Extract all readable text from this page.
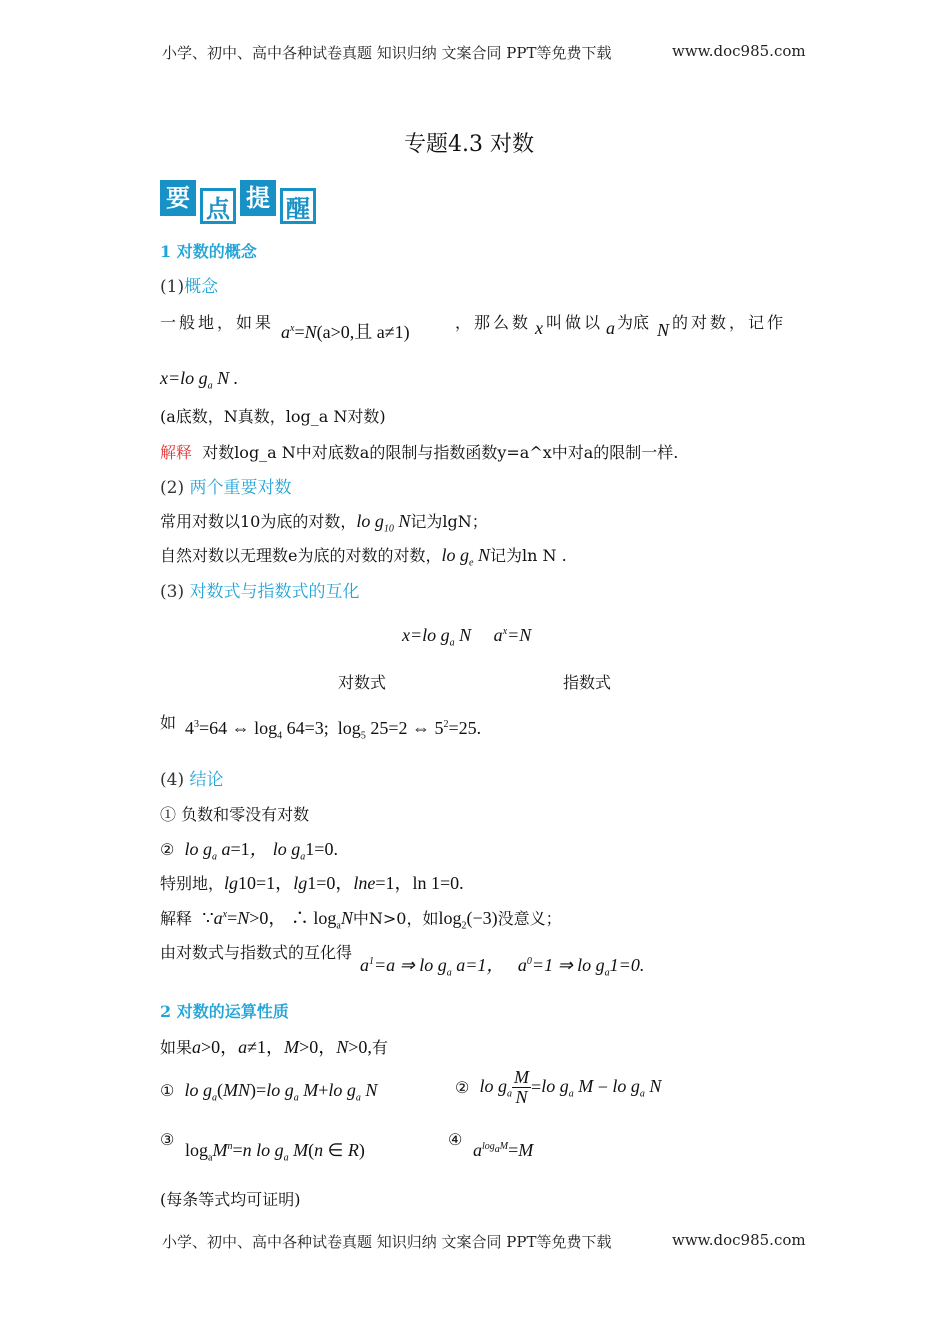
小学、初中、高中各种试卷真题 知识归纳 文案合同 PPT等免费下载	www.doc985.com
专题4.3 对数
要 点 提 醒
1 对数的概念
(1)概念
一般地，如果 $a^x=N(a>0$,且 a≠1)	，那么数 x 叫做以 a 为底 N 的对数，记作
x=lo $g_a$ N .
(a底数，N真数，log_a N对数)
解释 对数log_a N中对底数a的限制与指数函数y=a^x中对a的限制一样.
(2) 两个重要对数
常用对数以10为底的对数，lo $g_{10}$ N记为lgN；
自然对数以无理数e为底的对数的对数，lo $g_e$ N记为ln N .
(3) 对数式与指数式的互化
x=lo $g_a$ N     $a^x=N$
对数式	指数式
如 $4^3=64$ ⇔ $\log_4 64=3$;  $\log_5 25=2$ ⇔ $5^2=25$.
(4) 结论
① 负数和零没有对数
② lo $g_a$ a=1， lo $g_a1=0$.
特别地，lg10=1，lg1=0，lne=1，ln 1=0.
解释 $\because a^x=N>0$， ∴ $\log_aN$中N>0，如$\log_2(-3)$没意义；
由对数式与指数式的互化得
$a^1=a$ ⇒ lo $g_a$ a=1，   $a^0=1$ ⇒ lo $g_a1=0$.
2 对数的运算性质
如果a>0，a≠1，M>0，N>0,有
① lo $g_a(MN)=lo$ $g_a$ M+lo $g_a$ N	② lo $g_a \frac{M}{N} =lo$ $g_a$ M − lo $g_a$ N
③
$\log_aM^n=n$ lo $g_a$ M(n ∈ R)
④
$a^{log_aM}=M$
(每条等式均可证明)
小学、初中、高中各种试卷真题 知识归纳 文案合同 PPT等免费下载	www.doc985.com
